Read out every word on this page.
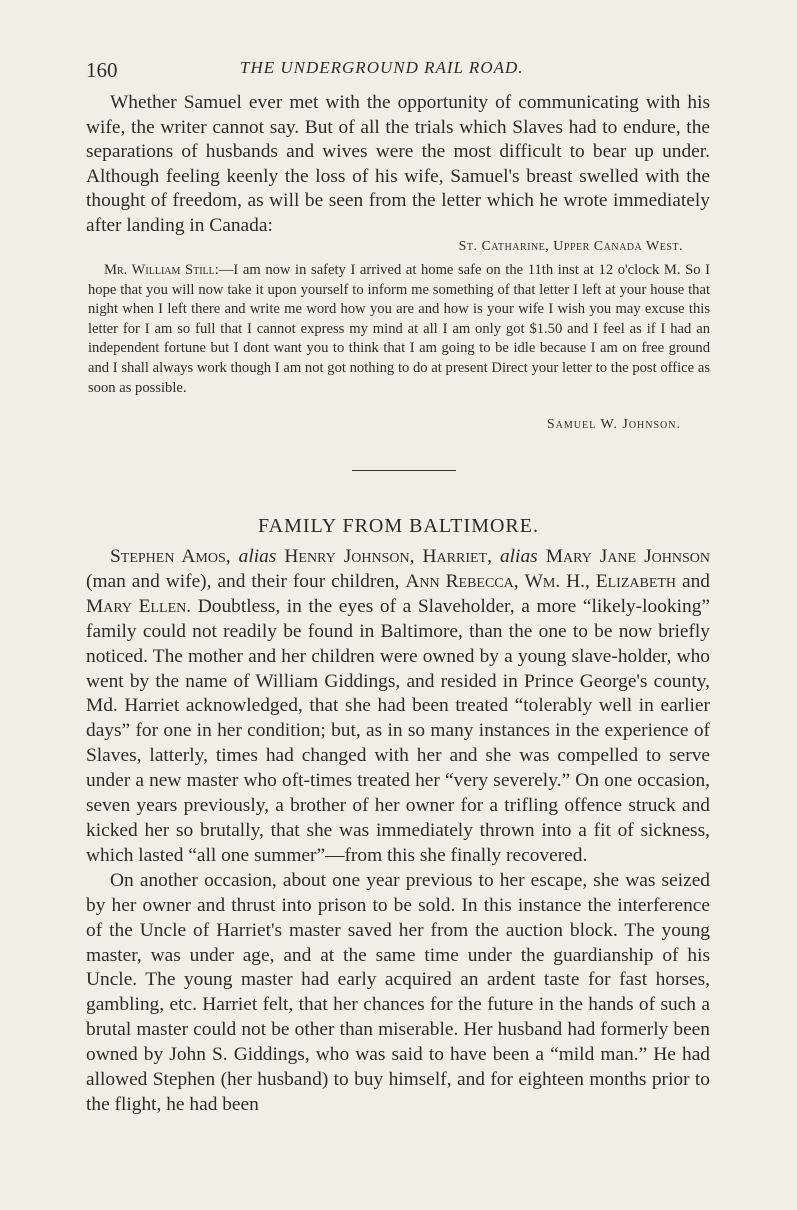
160	THE UNDERGROUND RAIL ROAD.

Whether Samuel ever met with the opportunity of communicating with his wife, the writer cannot say. But of all the trials which Slaves had to endure, the separations of husbands and wives were the most difficult to bear up under. Although feeling keenly the loss of his wife, Samuel's breast swelled with the thought of freedom, as will be seen from the letter which he wrote immediately after landing in Canada:

St. Catharine, Upper Canada West.

Mr. William Still:—I am now in safety I arrived at home safe on the 11th inst at 12 o'clock M. So I hope that you will now take it upon yourself to inform me something of that letter I left at your house that night when I left there and write me word how you are and how is your wife I wish you may excuse this letter for I am so full that I cannot express my mind at all I am only got $1.50 and I feel as if I had an independent fortune but I dont want you to think that I am going to be idle because I am on free ground and I shall always work though I am not got nothing to do at present Direct your letter to the post office as soon as possible.

Samuel W. Johnson.
FAMILY FROM BALTIMORE.

Stephen Amos, alias Henry Johnson, Harriet, alias Mary Jane Johnson (man and wife), and their four children, Ann Rebecca, Wm. H., Elizabeth and Mary Ellen. Doubtless, in the eyes of a Slaveholder, a more “likely-looking” family could not readily be found in Baltimore, than the one to be now briefly noticed. The mother and her children were owned by a young slave-holder, who went by the name of William Giddings, and resided in Prince George's county, Md. Harriet acknowledged, that she had been treated “tolerably well in earlier days” for one in her condition; but, as in so many instances in the experience of Slaves, latterly, times had changed with her and she was compelled to serve under a new master who oft-times treated her “very severely.” On one occasion, seven years previously, a brother of her owner for a trifling offence struck and kicked her so brutally, that she was immediately thrown into a fit of sickness, which lasted “all one summer”—from this she finally recovered.

On another occasion, about one year previous to her escape, she was seized by her owner and thrust into prison to be sold. In this instance the interference of the Uncle of Harriet's master saved her from the auction block. The young master, was under age, and at the same time under the guardianship of his Uncle. The young master had early acquired an ardent taste for fast horses, gambling, etc. Harriet felt, that her chances for the future in the hands of such a brutal master could not be other than miserable. Her husband had formerly been owned by John S. Giddings, who was said to have been a “mild man.” He had allowed Stephen (her husband) to buy himself, and for eighteen months prior to the flight, he had been
